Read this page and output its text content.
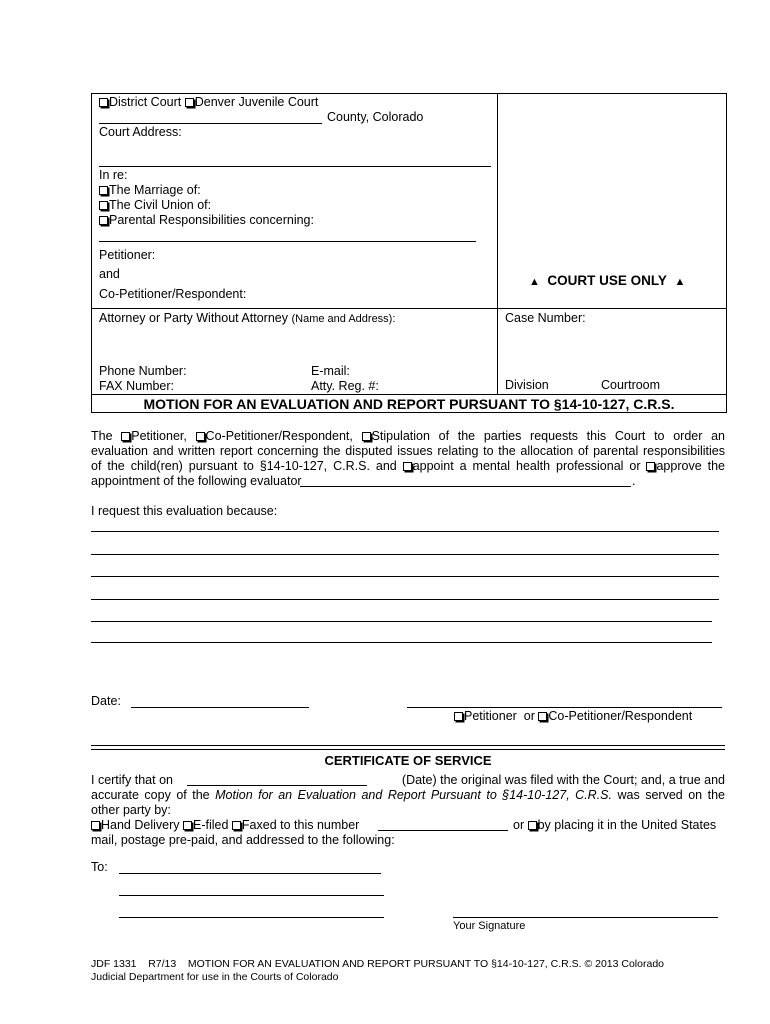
District Court Denver Juvenile Court
County, Colorado
Court Address:
In re:
The Marriage of:
The Civil Union of:
Parental Responsibilities concerning:
Petitioner:
and
Co-Petitioner/Respondent:
▲ COURT USE ONLY ▲
Attorney or Party Without Attorney (Name and Address):
Phone Number:	E-mail:
FAX Number:	Atty. Reg. #:
Case Number:
Division	Courtroom
MOTION FOR AN EVALUATION AND REPORT PURSUANT TO §14-10-127, C.R.S.
The Petitioner, Co-Petitioner/Respondent, Stipulation of the parties requests this Court to order an
evaluation and written report concerning the disputed issues relating to the allocation of parental responsibilities
of the child(ren) pursuant to §14-10-127, C.R.S. and appoint a mental health professional or approve the
appointment of the following evaluator	.
I request this evaluation because:
Date:
Petitioner or Co-Petitioner/Respondent
CERTIFICATE OF SERVICE
I certify that on	(Date) the original was filed with the Court; and, a true and
accurate copy of the Motion for an Evaluation and Report Pursuant to §14-10-127, C.R.S. was served on the
other party by:
Hand Delivery E-filed Faxed to this number	or by placing it in the United States
mail, postage pre-paid, and addressed to the following:
To:
Your Signature
JDF 1331    R7/13    MOTION FOR AN EVALUATION AND REPORT PURSUANT TO §14-10-127, C.R.S. © 2013 Colorado
Judicial Department for use in the Courts of Colorado
